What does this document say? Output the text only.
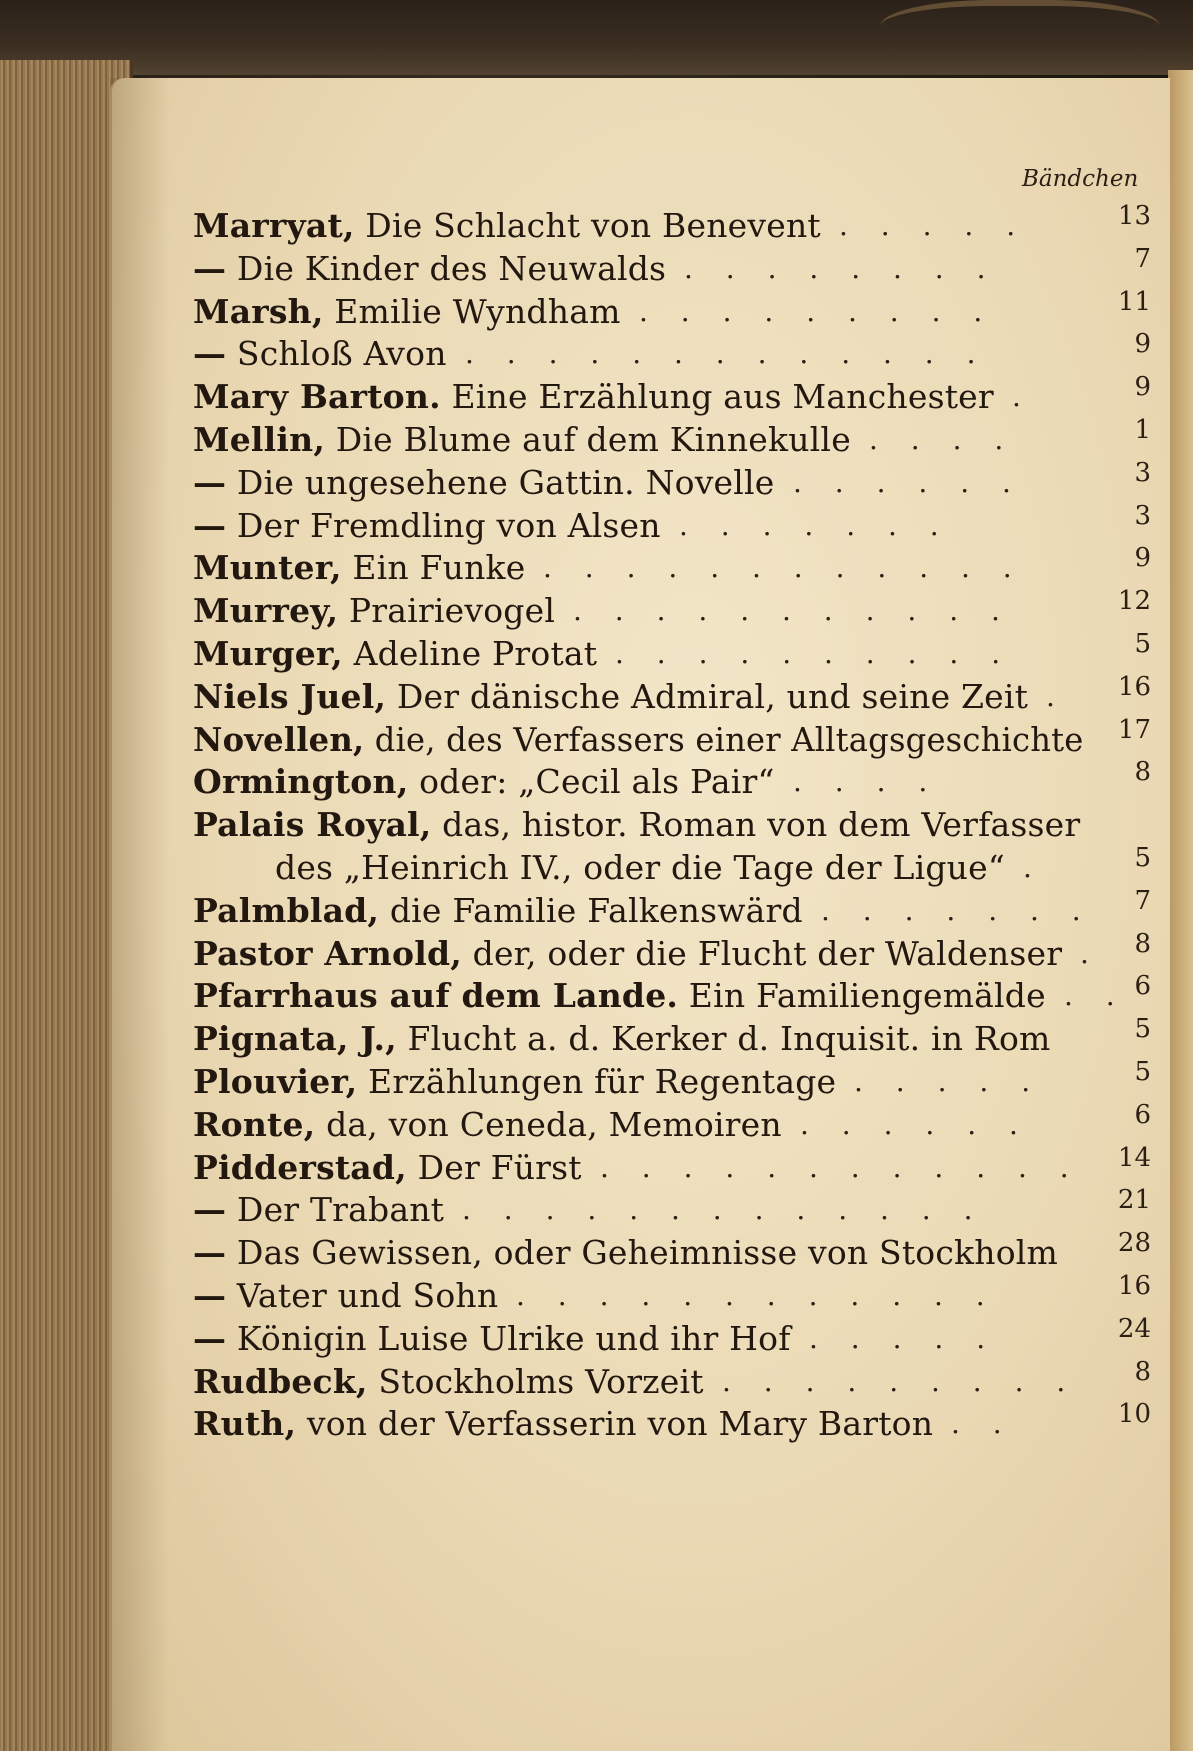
Bändchen
Marryat, Die Schlacht von Benevent . . . . .	13
— Die Kinder des Neuwalds . . . . . . . .	7
Marsh, Emilie Wyndham . . . . . . . . .	11
— Schloß Avon . . . . . . . . . . . . .	9
Mary Barton. Eine Erzählung aus Manchester .	9
Mellin, Die Blume auf dem Kinnekulle . . . .	1
— Die ungesehene Gattin. Novelle . . . . . .	3
— Der Fremdling von Alsen . . . . . . .	3
Munter, Ein Funke . . . . . . . . . . . .	9
Murrey, Prairievogel . . . . . . . . . . .	12
Murger, Adeline Protat . . . . . . . . . .	5
Niels Juel, Der dänische Admiral, und seine Zeit .	16
Novellen, die, des Verfassers einer Alltagsgeschichte	17
Ormington, oder: „Cecil als Pair“ . . . .	8
Palais Royal, das, histor. Roman von dem Verfasser
des „Heinrich IV., oder die Tage der Ligue“ .	5
Palmblad, die Familie Falkenswärd . . . . . . .	7
Pastor Arnold, der, oder die Flucht der Waldenser .	8
Pfarrhaus auf dem Lande. Ein Familiengemälde . . 6
Pignata, J., Flucht a. d. Kerker d. Inquisit. in Rom	5
Plouvier, Erzählungen für Regentage . . . . .	5
Ronte, da, von Ceneda, Memoiren . . . . . .	6
Pidderstad, Der Fürst . . . . . . . . . . . .	14
— Der Trabant . . . . . . . . . . . . .	21
— Das Gewissen, oder Geheimnisse von Stockholm	28
— Vater und Sohn . . . . . . . . . . . .	16
— Königin Luise Ulrike und ihr Hof . . . . .	24
Rudbeck, Stockholms Vorzeit . . . . . . . . .	8
Ruth, von der Verfasserin von Mary Barton . .	10
